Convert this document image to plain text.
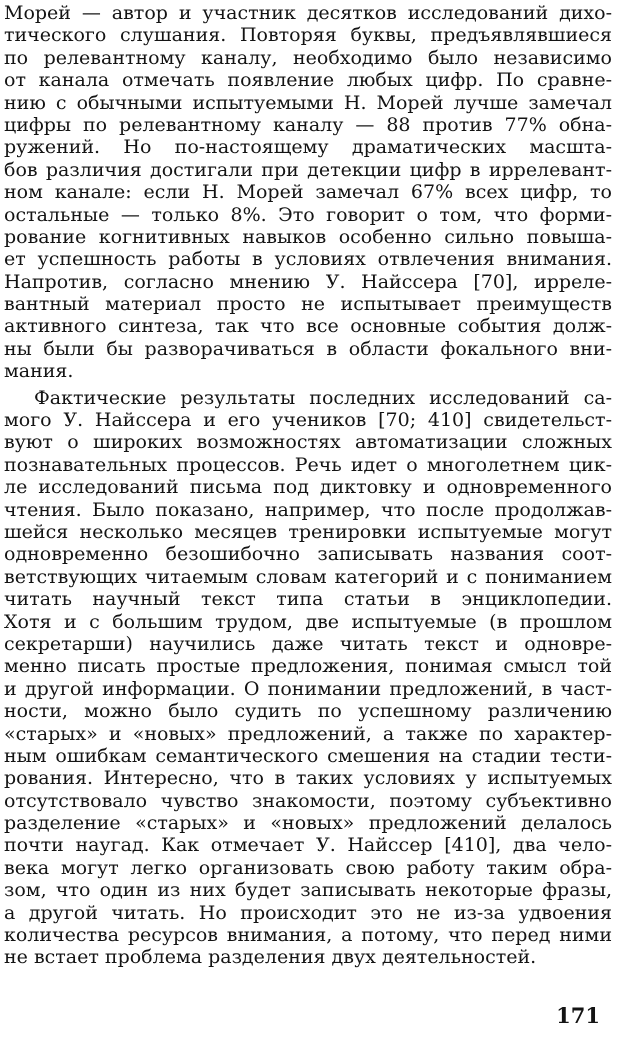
Морей — автор и участник десятков исследований дихо-
тического слушания. Повторяя буквы, предъявлявшиеся
по релевантному каналу, необходимо было независимо
от канала отмечать появление любых цифр. По сравне-
нию с обычными испытуемыми Н. Морей лучше замечал
цифры по релевантному каналу — 88 против 77% обна-
ружений. Но по-настоящему драматических масшта-
бов различия достигали при детекции цифр в иррелевант-
ном канале: если Н. Морей замечал 67% всех цифр, то
остальные — только 8%. Это говорит о том, что форми-
рование когнитивных навыков особенно сильно повыша-
ет успешность работы в условиях отвлечения внимания.
Напротив, согласно мнению У. Найссера [70], ирреле-
вантный материал просто не испытывает преимуществ
активного синтеза, так что все основные события долж-
ны были бы разворачиваться в области фокального вни-
мания.
Фактические результаты последних исследований са-
мого У. Найссера и его учеников [70; 410] свидетельст-
вуют о широких возможностях автоматизации сложных
познавательных процессов. Речь идет о многолетнем цик-
ле исследований письма под диктовку и одновременного
чтения. Было показано, например, что после продолжав-
шейся несколько месяцев тренировки испытуемые могут
одновременно безошибочно записывать названия соот-
ветствующих читаемым словам категорий и с пониманием
читать научный текст типа статьи в энциклопедии.
Хотя и с большим трудом, две испытуемые (в прошлом
секретарши) научились даже читать текст и одновре-
менно писать простые предложения, понимая смысл той
и другой информации. О понимании предложений, в част-
ности, можно было судить по успешному различению
«старых» и «новых» предложений, а также по характер-
ным ошибкам семантического смешения на стадии тести-
рования. Интересно, что в таких условиях у испытуемых
отсутствовало чувство знакомости, поэтому субъективно
разделение «старых» и «новых» предложений делалось
почти наугад. Как отмечает У. Найссер [410], два чело-
века могут легко организовать свою работу таким обра-
зом, что один из них будет записывать некоторые фразы,
а другой читать. Но происходит это не из-за удвоения
количества ресурсов внимания, а потому, что перед ними
не встает проблема разделения двух деятельностей.
171
